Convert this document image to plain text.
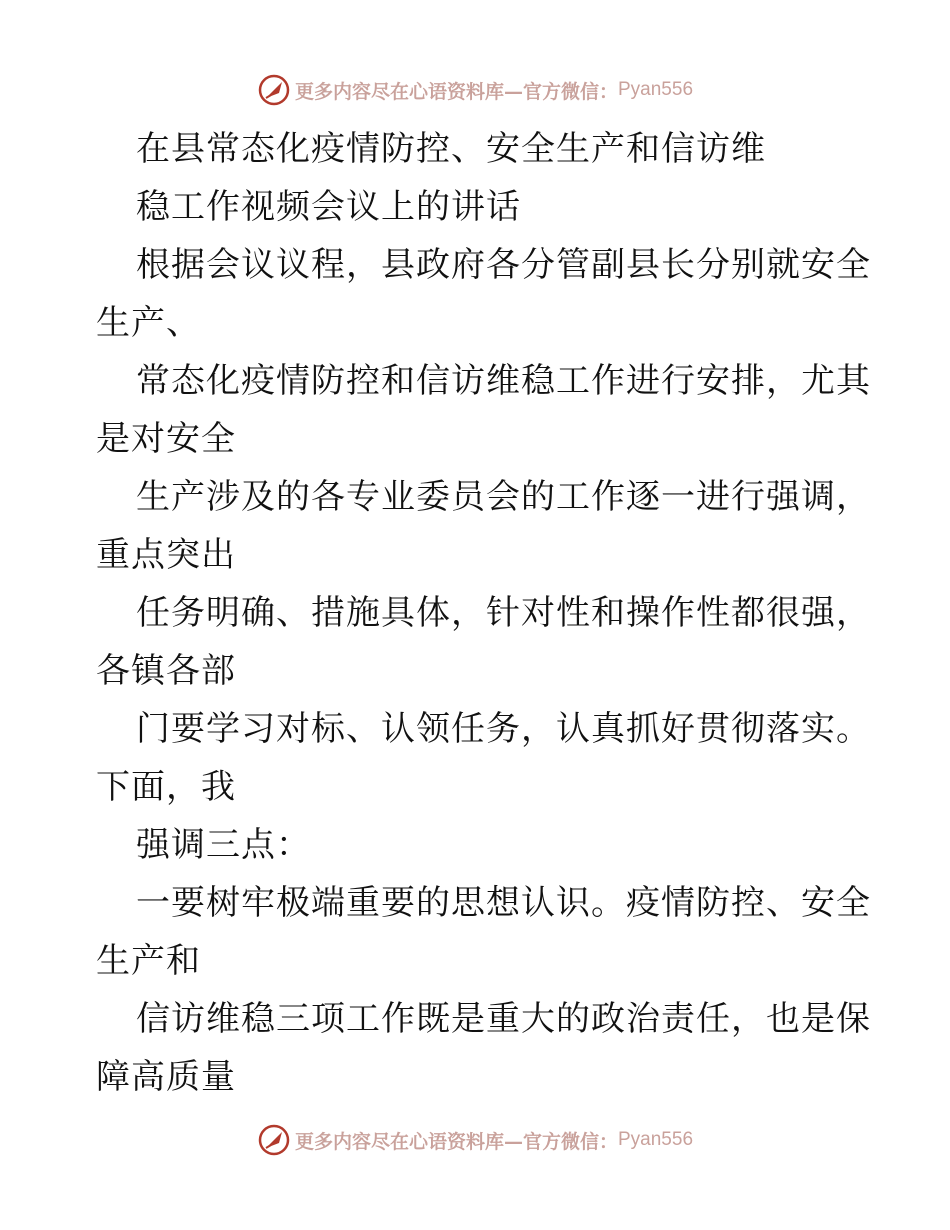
更多内容尽在心语资料库—官方微信： Pyan556
在县常态化疫情防控、安全生产和信访维
稳工作视频会议上的讲话
根据会议议程，县政府各分管副县长分别就安全
生产、
常态化疫情防控和信访维稳工作进行安排，尤其
是对安全
生产涉及的各专业委员会的工作逐一进行强调，
重点突出
任务明确、措施具体，针对性和操作性都很强，
各镇各部
门要学习对标、认领任务，认真抓好贯彻落实。
下面，我
强调三点：
一要树牢极端重要的思想认识。疫情防控、安全
生产和
信访维稳三项工作既是重大的政治责任，也是保
障高质量
更多内容尽在心语资料库—官方微信： Pyan556
